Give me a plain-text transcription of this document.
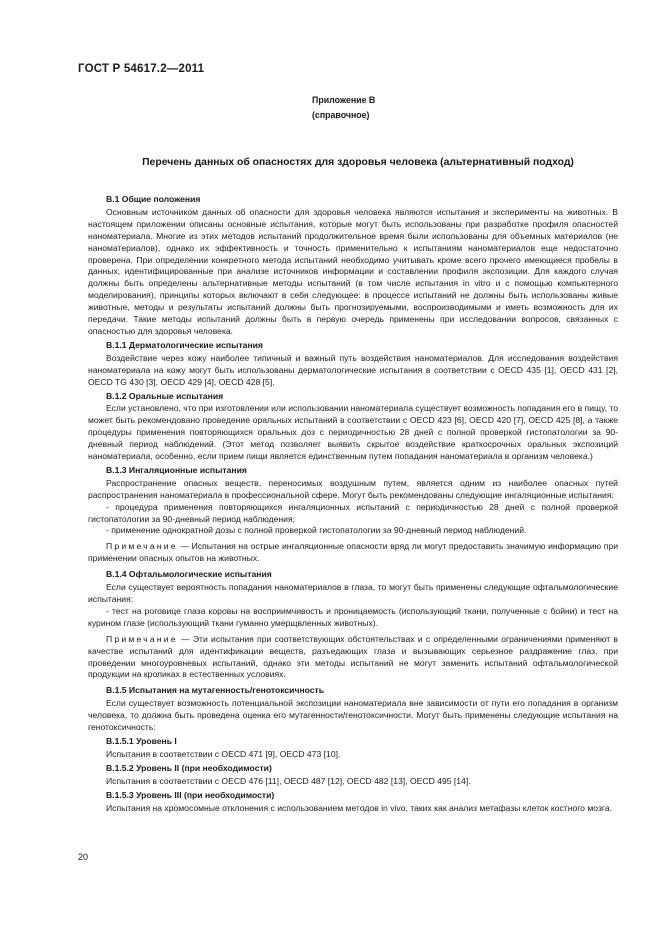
ГОСТ Р 54617.2—2011
Приложение В
(справочное)
Перечень данных об опасностях для здоровья человека (альтернативный подход)
В.1 Общие положения

Основным источником данных об опасности для здоровья человека являются испытания и эксперименты на животных. В настоящем приложении описаны основные испытания, которые могут быть использованы при разработке профиля опасностей наноматериала. Многие из этих методов испытаний продолжительное время были использованы для объемных материалов (не наноматериалов), однако их эффективность и точность применительно к испытаниям наноматериалов еще недостаточно проверена. При определении конкретного метода испытаний необходимо учитывать кроме всего прочего имеющиеся пробелы в данных, идентифицированные при анализе источников информации и составлении профиля экспозиции. Для каждого случая должны быть определены альтернативные методы испытаний (в том числе испытания in vitro и с помощью компьютерного моделирования), принципы которых включают в себя следующее: в процессе испытаний не должны быть использованы живые животные, методы и результаты испытаний должны быть прогнозируемыми, воспроизводимыми и иметь возможность для их передачи. Такие методы испытаний должны быть в первую очередь применены при исследовании вопросов, связанных с опасностью для здоровья человека.

В.1.1 Дерматологические испытания

Воздействие через кожу наиболее типичный и важный путь воздействия наноматериалов. Для исследования воздействия наноматериала на кожу могут быть использованы дерматологические испытания в соответствии с OECD 435 [1], OECD 431 [2], OECD TG 430 [3], OECD 429 [4], OECD 428 [5].

В.1.2 Оральные испытания

Если установлено, что при изготовлении или использовании наноматериала существует возможность попадания его в пищу, то может быть рекомендовано проведение оральных испытаний в соответствии с OECD 423 [6], OECD 420 [7], OECD 425 [8], а также процедуры применения повторяющихся оральных доз с периодичностью 28 дней с полной проверкой гистопатологии за 90-дневный период наблюдений. (Этот метод позволяет выявить скрытое воздействие краткосрочных оральных экспозиций наноматериала, особенно, если прием пищи является единственным путем попадания наноматериала в организм человека.)

В.1.3 Ингаляционные испытания

Распространение опасных веществ, переносимых воздушным путем, является одним из наиболее опасных путей распространения наноматериала в профессиональной сфере. Могут быть рекомендованы следующие ингаляционные испытания:

- процедура применения повторяющихся ингаляционных испытаний с периодичностью 28 дней с полной проверкой гистопатологии за 90-дневный период наблюдения;

- применение однократной дозы с полной проверкой гистопатологии за 90-дневный период наблюдений.

Примечание — Испытания на острые ингаляционные опасности вряд ли могут предоставить значимую информацию при применении опасных опытов на животных.

В.1.4 Офтальмологические испытания

Если существует вероятность попадания наноматериалов в глаза, то могут быть применены следующие офтальмологические испытания:

- тест на роговице глаза коровы на восприимчивость и проницаемость (использующий ткани, полученные с бойни) и тест на курином глазе (использующий ткани гуманно умерщвленных животных).

Примечание — Эти испытания при соответствующих обстоятельствах и с определенными ограничениями применяют в качестве испытаний для идентификации веществ, разъедающих глаза и вызывающих серьезное раздражение глаз, при проведении многоуровневых испытаний, однако эти методы испытаний не могут заменить испытаний офтальмологической продукции на кроликах в естественных условиях.

В.1.5 Испытания на мутагенность/генотоксичность

Если существует возможность потенциальной экспозиции наноматериала вне зависимости от пути его попадания в организм человека, то должна быть проведена оценка его мутагенности/генотоксичности. Могут быть применены следующие испытания на генотоксичность:

В.1.5.1 Уровень I

Испытания в соответствии с OECD 471 [9], OECD 473 [10].

В.1.5.2 Уровень II (при необходимости)

Испытания в соответствии с OECD 476 [11], OECD 487 [12], OECD 482 [13], OECD 495 [14].

В.1.5.3 Уровень III (при необходимости)

Испытания на хромосомные отклонения с использованием методов in vivo, таких как анализ метафазы клеток костного мозга.

20
